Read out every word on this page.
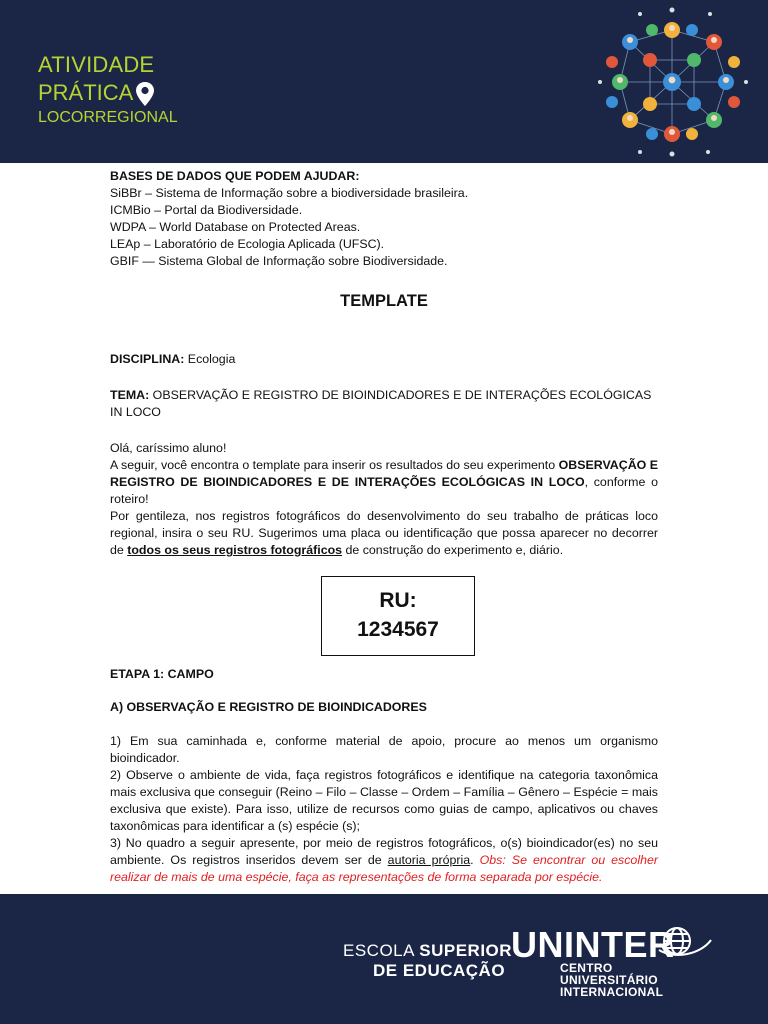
ATIVIDADE
PRÁTICA
LOCORREGIONAL

BASES DE DADOS QUE PODEM AJUDAR:

SiBBr – Sistema de Informação sobre a biodiversidade brasileira.

ICMBio – Portal da Biodiversidade.

WDPA – World Database on Protected Areas.

LEAp – Laboratório de Ecologia Aplicada (UFSC).

GBIF — Sistema Global de Informação sobre Biodiversidade.

TEMPLATE
DISCIPLINA: Ecologia
TEMA: OBSERVAÇÃO E REGISTRO DE BIOINDICADORES E DE INTERAÇÕES ECOLÓGICAS IN LOCO

Olá, caríssimo aluno!

A seguir, você encontra o template para inserir os resultados do seu experimento OBSERVAÇÃO E REGISTRO DE BIOINDICADORES E DE INTERAÇÕES ECOLÓGICAS IN LOCO, conforme o roteiro!

Por gentileza, nos registros fotográficos do desenvolvimento do seu trabalho de práticas loco regional, insira o seu RU. Sugerimos uma placa ou identificação que possa aparecer no decorrer de todos os seus registros fotográficos de construção do experimento e, diário.

RU:
1234567
ETAPA 1: CAMPO
A) OBSERVAÇÃO E REGISTRO DE BIOINDICADORES

1) Em sua caminhada e, conforme material de apoio, procure ao menos um organismo bioindicador.

2) Observe o ambiente de vida, faça registros fotográficos e identifique na categoria taxonômica mais exclusiva que conseguir (Reino – Filo – Classe – Ordem – Família – Gênero – Espécie = mais exclusiva que existe). Para isso, utilize de recursos como guias de campo, aplicativos ou chaves taxonômicas para identificar a (s) espécie (s);

3) No quadro a seguir apresente, por meio de registros fotográficos, o(s) bioindicador(es) no seu ambiente. Os registros inseridos devem ser de autoria própria. Obs: Se encontrar ou escolher realizar de mais de uma espécie, faça as representações de forma separada por espécie.

ESCOLA SUPERIOR
DE EDUCAÇÃO
UNINTER
CENTRO
UNIVERSITÁRIO
INTERNACIONAL
